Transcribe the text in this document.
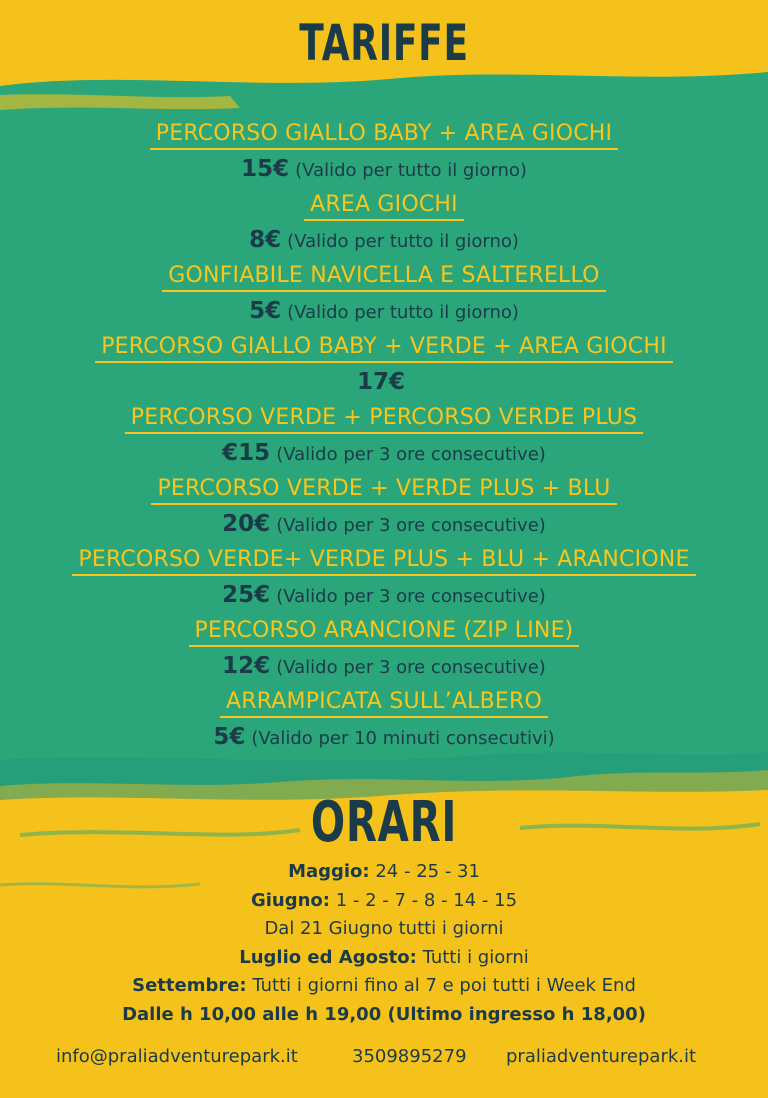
TARIFFE
PERCORSO GIALLO BABY + AREA GIOCHI
15€ (Valido per tutto il giorno)
AREA GIOCHI
8€ (Valido per tutto il giorno)
GONFIABILE NAVICELLA E SALTERELLO
5€ (Valido per tutto il giorno)
PERCORSO GIALLO BABY + VERDE + AREA GIOCHI
17€
PERCORSO VERDE + PERCORSO VERDE PLUS
€15 (Valido per 3 ore consecutive)
PERCORSO VERDE + VERDE PLUS + BLU
20€ (Valido per 3 ore consecutive)
PERCORSO VERDE+ VERDE PLUS + BLU + ARANCIONE
25€ (Valido per 3 ore consecutive)
PERCORSO ARANCIONE (ZIP LINE)
12€ (Valido per 3 ore consecutive)
ARRAMPICATA SULL’ALBERO
5€ (Valido per 10 minuti consecutivi)
ORARI
Maggio: 24 - 25 - 31
Giugno: 1 - 2 - 7 - 8 - 14 - 15
Dal 21 Giugno tutti i giorni
Luglio ed Agosto: Tutti i giorni
Settembre: Tutti i giorni fino al 7 e poi tutti i Week End
Dalle h 10,00 alle h 19,00 (Ultimo ingresso h 18,00)
info@praliadventurepark.it	3509895279 praliadventurepark.it
